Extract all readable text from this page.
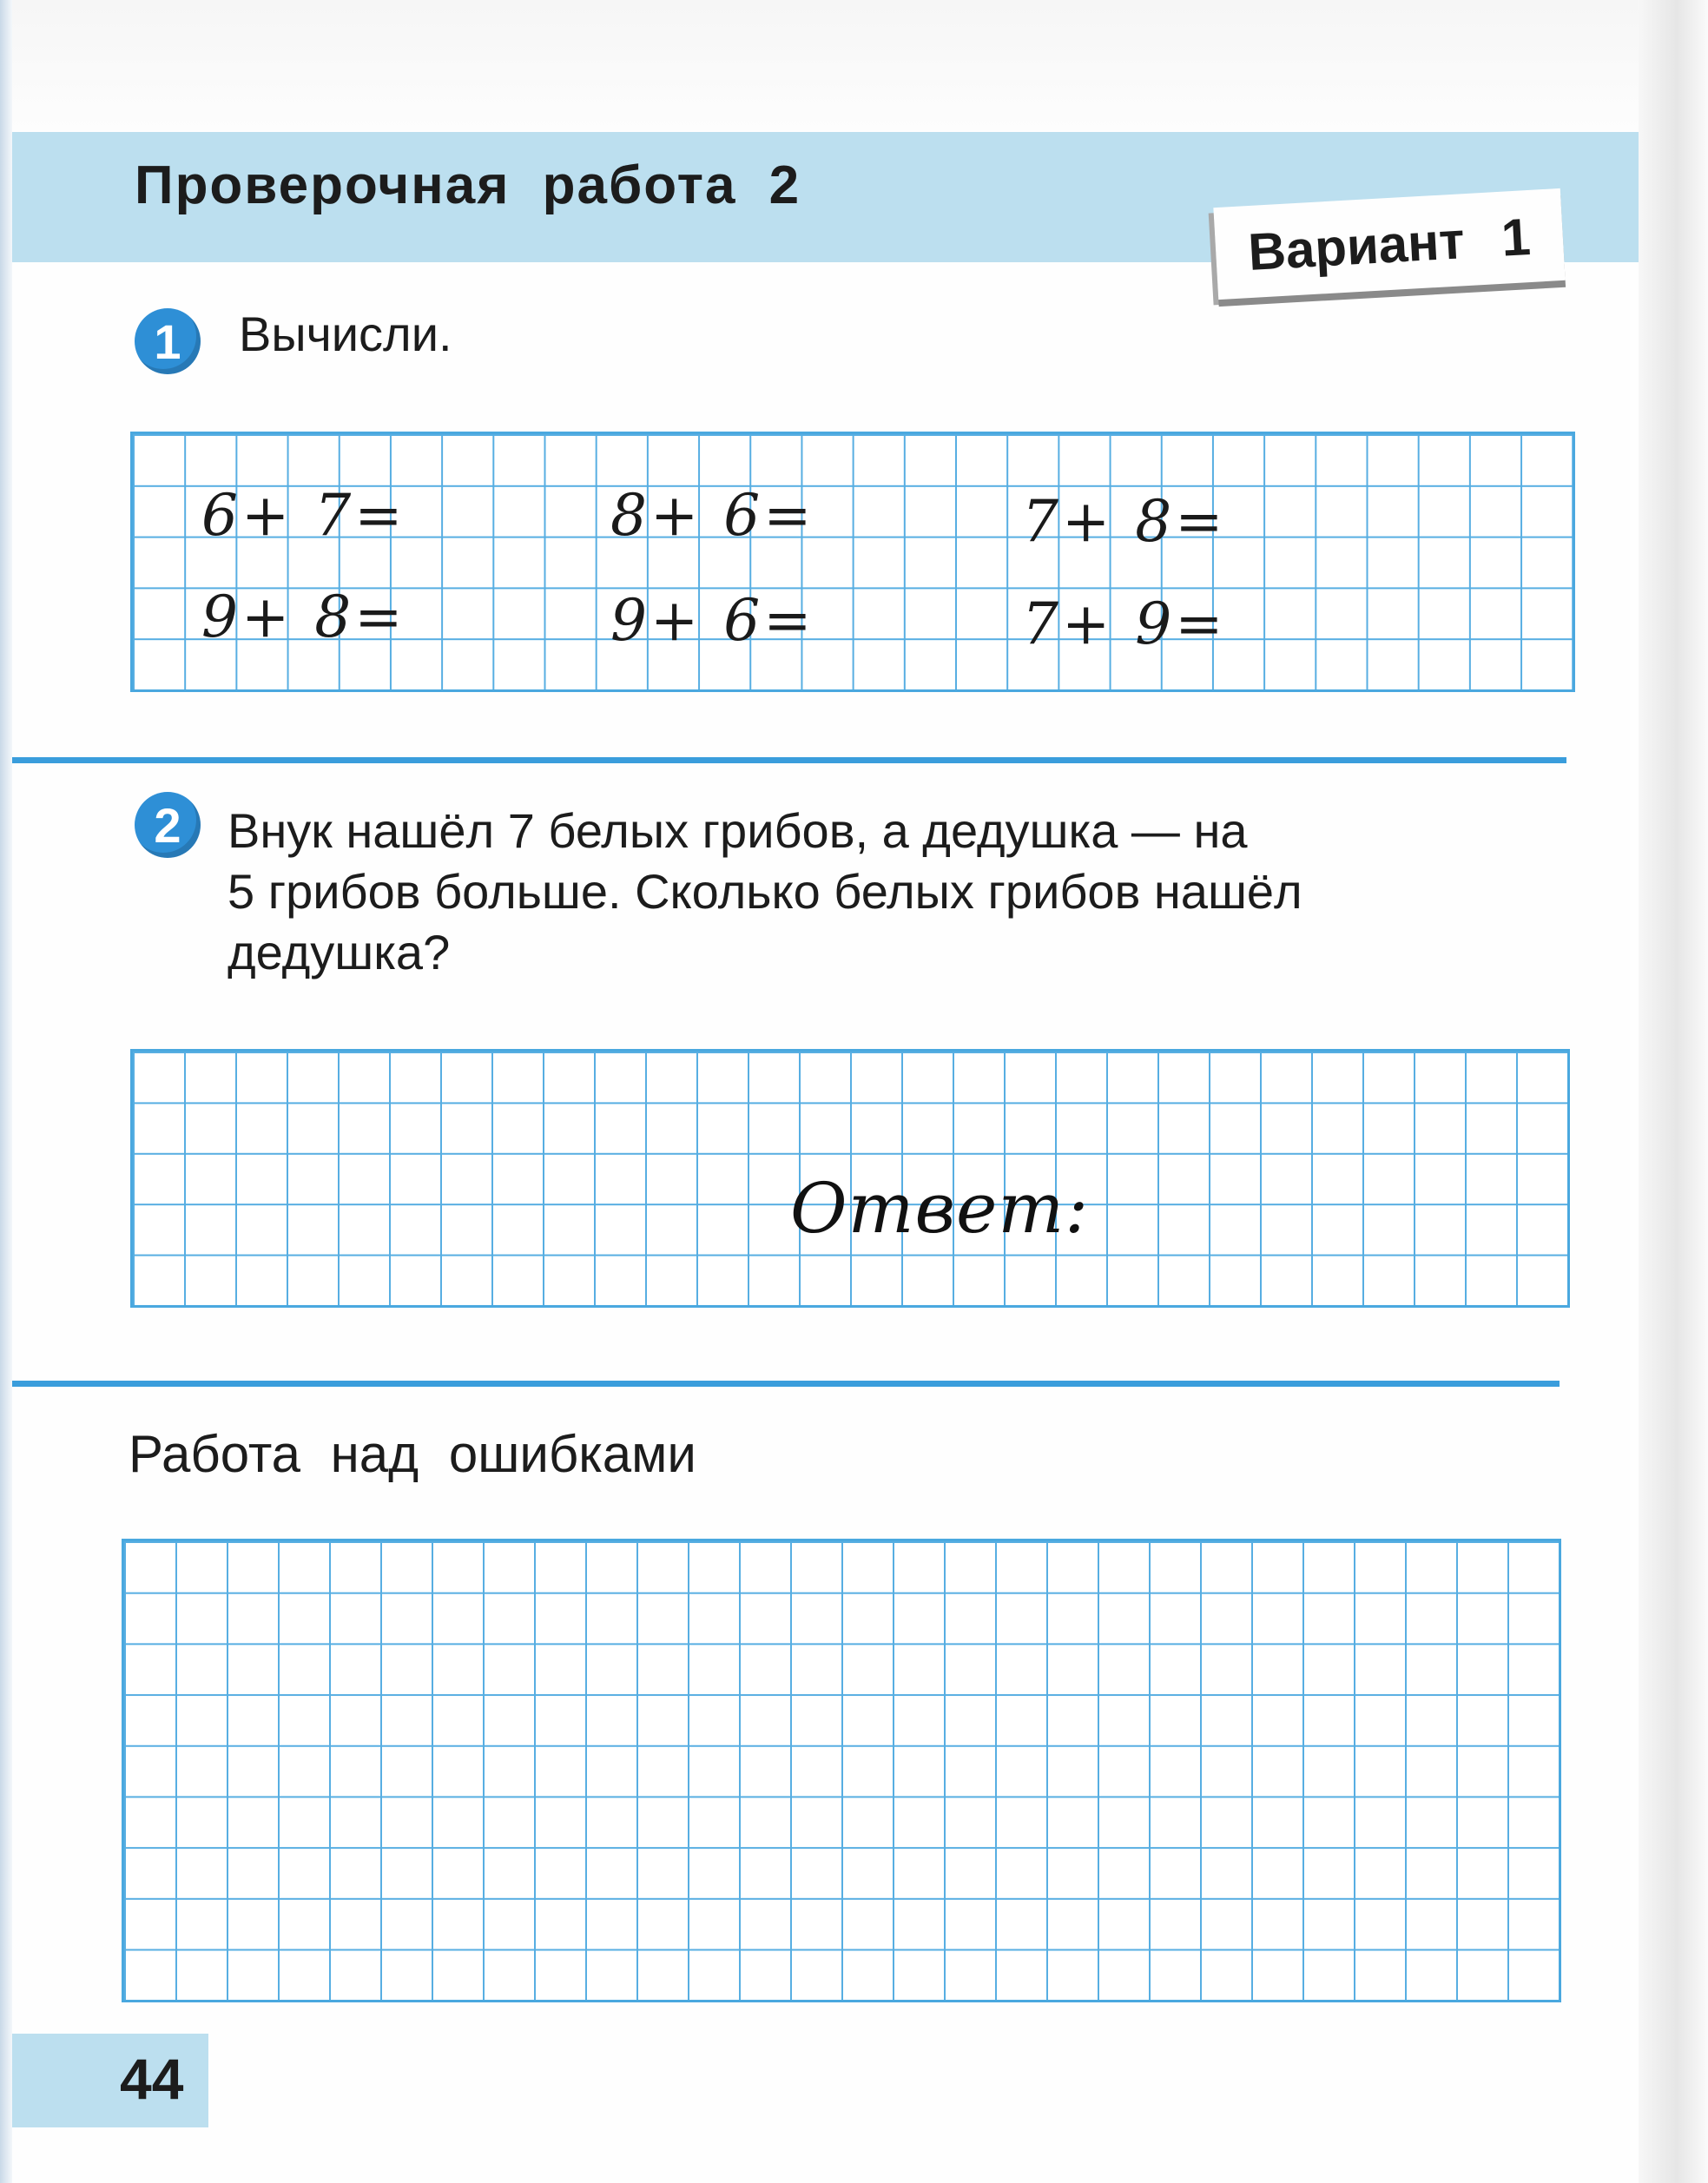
Проверочная работа 2
Вариант 1
1	Вычисли.
6+ 7=	8+ 6=	7+ 8=
9+ 8=	9+ 6=	7+ 9=
2 Внук нашёл 7 белых грибов, а дедушка — на
5 грибов больше. Сколько белых грибов нашёл
дедушка?
Ответ:
Работа над ошибками
44
